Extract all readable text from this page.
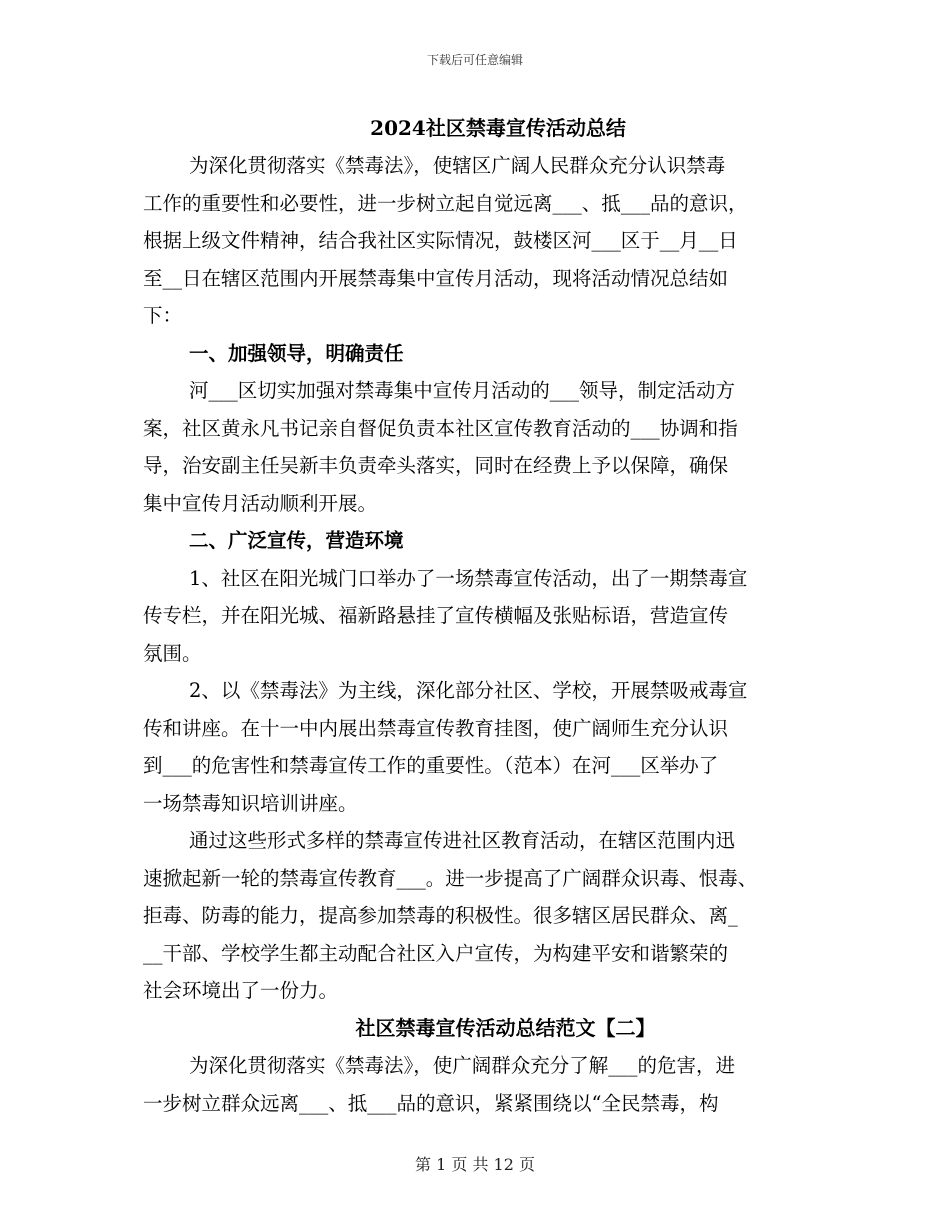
下载后可任意编辑
2024社区禁毒宣传活动总结

为深化贯彻落实《禁毒法》，使辖区广阔人民群众充分认识禁毒

工作的重要性和必要性，进一步树立起自觉远离___、抵___品的意识，

根据上级文件精神，结合我社区实际情况，鼓楼区河___区于__月__日

至__日在辖区范围内开展禁毒集中宣传月活动，现将活动情况总结如

下：

一、加强领导，明确责任

河___区切实加强对禁毒集中宣传月活动的___领导，制定活动方

案，社区黄永凡书记亲自督促负责本社区宣传教育活动的___协调和指

导，治安副主任吴新丰负责牵头落实，同时在经费上予以保障，确保

集中宣传月活动顺利开展。

二、广泛宣传，营造环境

1、社区在阳光城门口举办了一场禁毒宣传活动，出了一期禁毒宣

传专栏，并在阳光城、福新路悬挂了宣传横幅及张贴标语，营造宣传

氛围。

2、以《禁毒法》为主线，深化部分社区、学校，开展禁吸戒毒宣

传和讲座。在十一中内展出禁毒宣传教育挂图，使广阔师生充分认识

到___的危害性和禁毒宣传工作的重要性。（范本）在河___区举办了

一场禁毒知识培训讲座。

通过这些形式多样的禁毒宣传进社区教育活动，在辖区范围内迅

速掀起新一轮的禁毒宣传教育___。进一步提高了广阔群众识毒、恨毒、

拒毒、防毒的能力，提高参加禁毒的积极性。很多辖区居民群众、离_

__干部、学校学生都主动配合社区入户宣传，为构建平安和谐繁荣的

社会环境出了一份力。

社区禁毒宣传活动总结范文【二】

为深化贯彻落实《禁毒法》，使广阔群众充分了解___的危害，进

一步树立群众远离___、抵___品的意识，紧紧围绕以“全民禁毒，构

第 1 页 共 12 页
